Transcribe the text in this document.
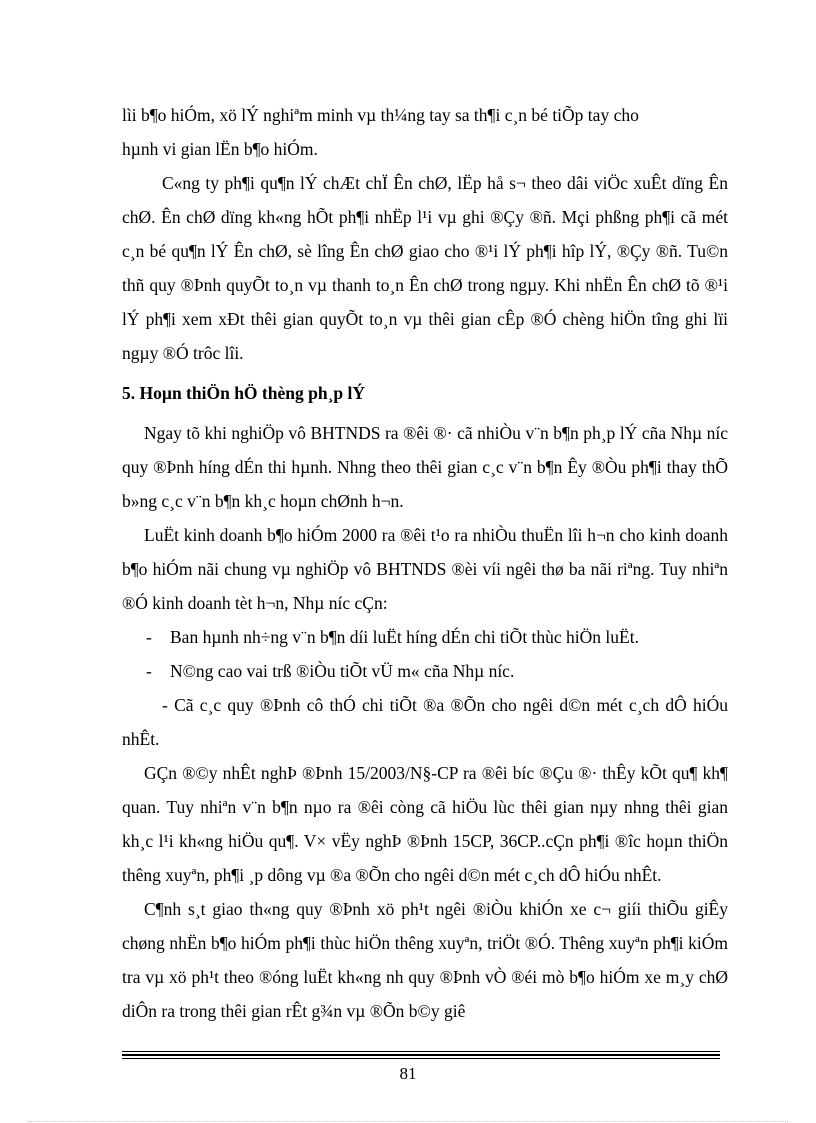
lìi b¶o hiÓm, xö lÝ nghiªm minh vµ th¼ng tay sa th¶i c¸n bé tiÕp tay cho

hµnh vi gian lËn b¶o hiÓm.

C«ng ty ph¶i qu¶n lÝ chÆt chÏ Ên chØ, lËp hå s¬ theo dâi viÖc xuÊt dïng Ên chØ. Ên chØ dïng kh«ng hÕt ph¶i nhËp l¹i vµ ghi ®Çy ®ñ. Mçi phßng ph¶i cã mét c¸n bé qu¶n lÝ Ên chØ, sè lîng Ên chØ giao cho ®¹i lÝ ph¶i hîp lÝ, ®Çy ®ñ. Tu©n thñ quy ®Þnh quyÕt to¸n vµ thanh to¸n Ên chØ trong ngµy. Khi nhËn Ên chØ tõ ®¹i lÝ ph¶i xem xÐt thêi gian quyÕt to¸n vµ thêi gian cÊp ®Ó chèng hiÖn tîng ghi lïi ngµy ®Ó trôc lîi.

5. Hoµn thiÖn hÖ thèng ph¸p lÝ

Ngay tõ khi nghiÖp vô BHTNDS ra ®êi ®· cã nhiÒu v¨n b¶n ph¸p lÝ cña Nhµ níc quy ®Þnh híng dÉn thi hµnh. Nhng theo thêi gian c¸c v¨n b¶n Êy ®Òu ph¶i thay thÕ b»ng c¸c v¨n b¶n kh¸c hoµn chØnh h¬n.

LuËt kinh doanh b¶o hiÓm 2000 ra ®êi t¹o ra nhiÒu thuËn lîi h¬n cho kinh doanh b¶o hiÓm nãi chung vµ nghiÖp vô BHTNDS ®èi víi ngêi thø ba nãi riªng. Tuy nhiªn ®Ó kinh doanh tèt h¬n, Nhµ níc cÇn:

-	Ban hµnh nh÷ng v¨n b¶n díi luËt híng dÉn chi tiÕt thùc hiÖn luËt.
-	N©ng cao vai trß ®iÒu tiÕt vÜ m« cña Nhµ níc.

- Cã c¸c quy ®Þnh cô thÓ chi tiÕt ®a ®Õn cho ngêi d©n mét c¸ch dÔ hiÓu nhÊt.

GÇn ®©y nhÊt nghÞ ®Þnh 15/2003/N§-CP ra ®êi bíc ®Çu ®· thÊy kÕt qu¶ kh¶ quan. Tuy nhiªn v¨n b¶n nµo ra ®êi còng cã hiÖu lùc thêi gian nµy nhng thêi gian kh¸c l¹i kh«ng hiÖu qu¶. V× vËy nghÞ ®Þnh 15CP, 36CP..cÇn ph¶i ®îc hoµn thiÖn thêng xuyªn, ph¶i ¸p dông vµ ®a ®Õn cho ngêi d©n mét c¸ch dÔ hiÓu nhÊt.

C¶nh s¸t giao th«ng quy ®Þnh xö ph¹t ngêi ®iÒu khiÓn xe c¬ giíi thiÕu giÊy chøng nhËn b¶o hiÓm ph¶i thùc hiÖn thêng xuyªn, triÖt ®Ó. Thêng xuyªn ph¶i kiÓm tra vµ xö ph¹t theo ®óng luËt kh«ng nh quy ®Þnh vÒ ®éi mò b¶o hiÓm xe m¸y chØ diÔn ra trong thêi gian rÊt g¾n vµ ®Õn b©y giê

81
